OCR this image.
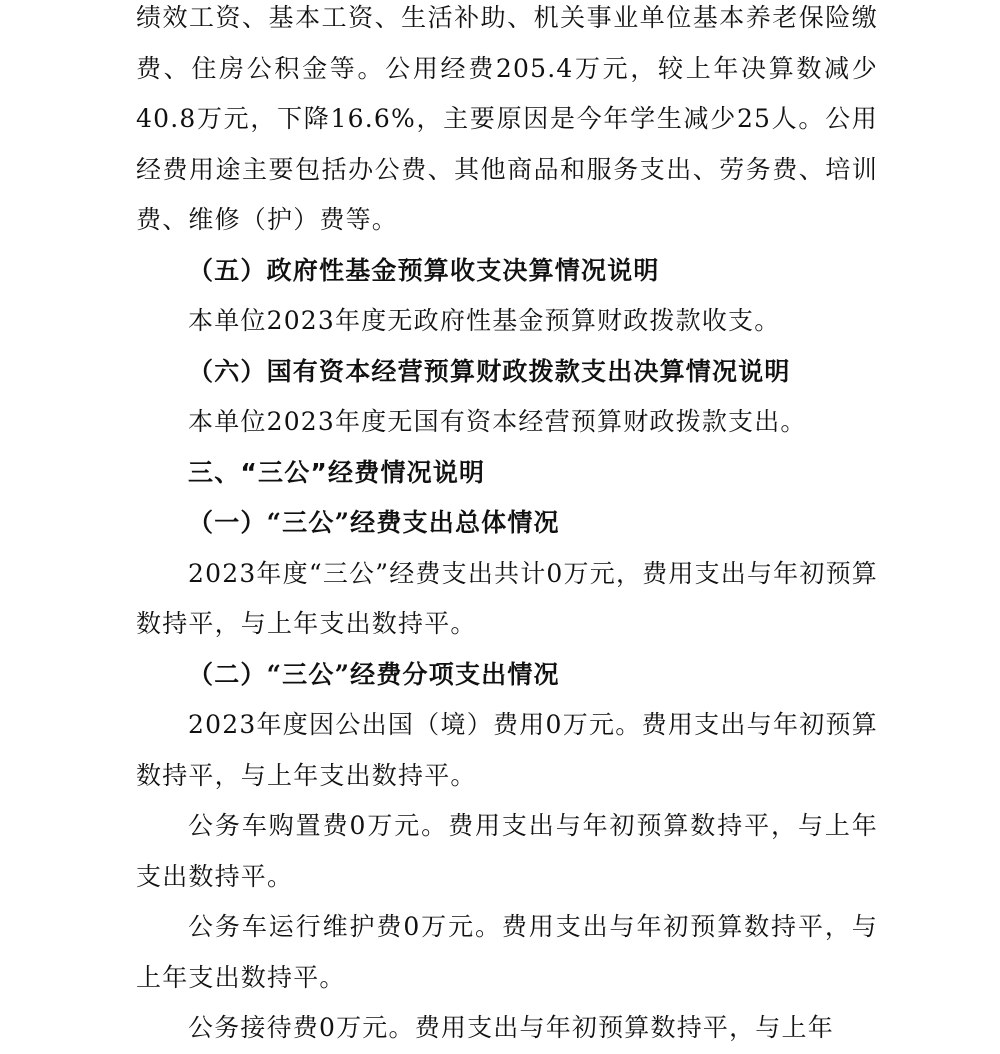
绩效工资、基本工资、生活补助、机关事业单位基本养老保险缴费、住房公积金等。公用经费205.4万元，较上年决算数减少40.8万元，下降16.6%，主要原因是今年学生减少25人。公用经费用途主要包括办公费、其他商品和服务支出、劳务费、培训费、维修（护）费等。

（五）政府性基金预算收支决算情况说明

本单位2023年度无政府性基金预算财政拨款收支。

（六）国有资本经营预算财政拨款支出决算情况说明

本单位2023年度无国有资本经营预算财政拨款支出。

三、“三公”经费情况说明

（一）“三公”经费支出总体情况

2023年度“三公”经费支出共计0万元，费用支出与年初预算数持平，与上年支出数持平。

（二）“三公”经费分项支出情况

2023年度因公出国（境）费用0万元。费用支出与年初预算数持平，与上年支出数持平。

公务车购置费0万元。费用支出与年初预算数持平，与上年支出数持平。

公务车运行维护费0万元。费用支出与年初预算数持平，与上年支出数持平。

公务接待费0万元。费用支出与年初预算数持平，与上年
